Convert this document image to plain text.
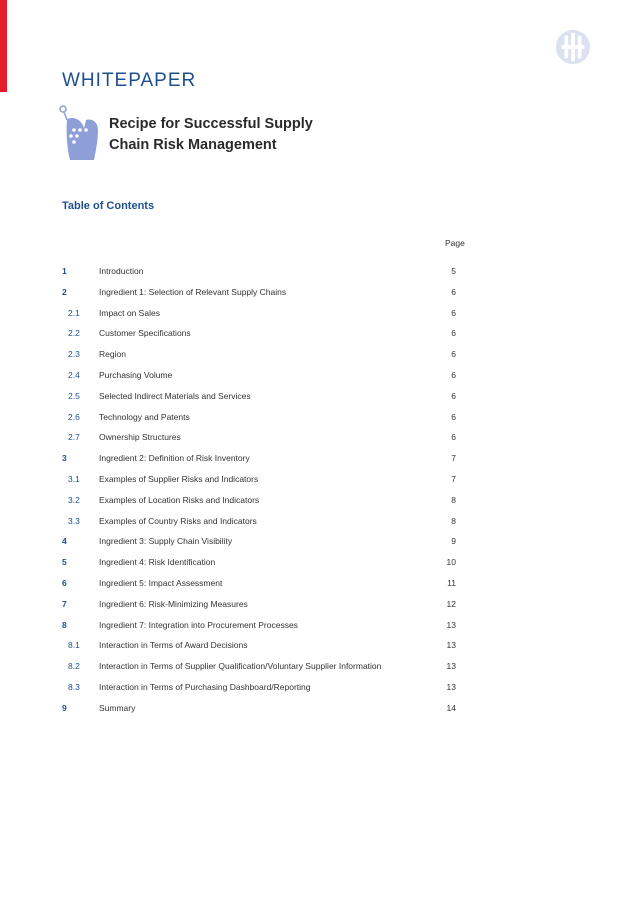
WHITEPAPER
Recipe for Successful Supply
Chain Risk Management
Table of Contents
Page
1	Introduction	5
2	Ingredient 1: Selection of Relevant Supply Chains	6
2.1 Impact on Sales	6
2.2 Customer Specifications	6
2.3 Region	6
2.4 Purchasing Volume	6
2.5 Selected Indirect Materials and Services	6
2.6 Technology and Patents	6
2.7 Ownership Structures	6
3	Ingredient 2: Definition of Risk Inventory	7
3.1 Examples of Supplier Risks and Indicators	7
3.2 Examples of Location Risks and Indicators	8
3.3 Examples of Country Risks and Indicators	8
4	Ingredient 3: Supply Chain Visibility	9
5	Ingredient 4: Risk Identification	10
6	Ingredient 5: Impact Assessment	11
7	Ingredient 6: Risk-Minimizing Measures	12
8	Ingredient 7: Integration into Procurement Processes	13
8.1 Interaction in Terms of Award Decisions	13
8.2 Interaction in Terms of Supplier Qualification/Voluntary Supplier Information	13
8.3 Interaction in Terms of Purchasing Dashboard/Reporting	13
9	Summary	14
